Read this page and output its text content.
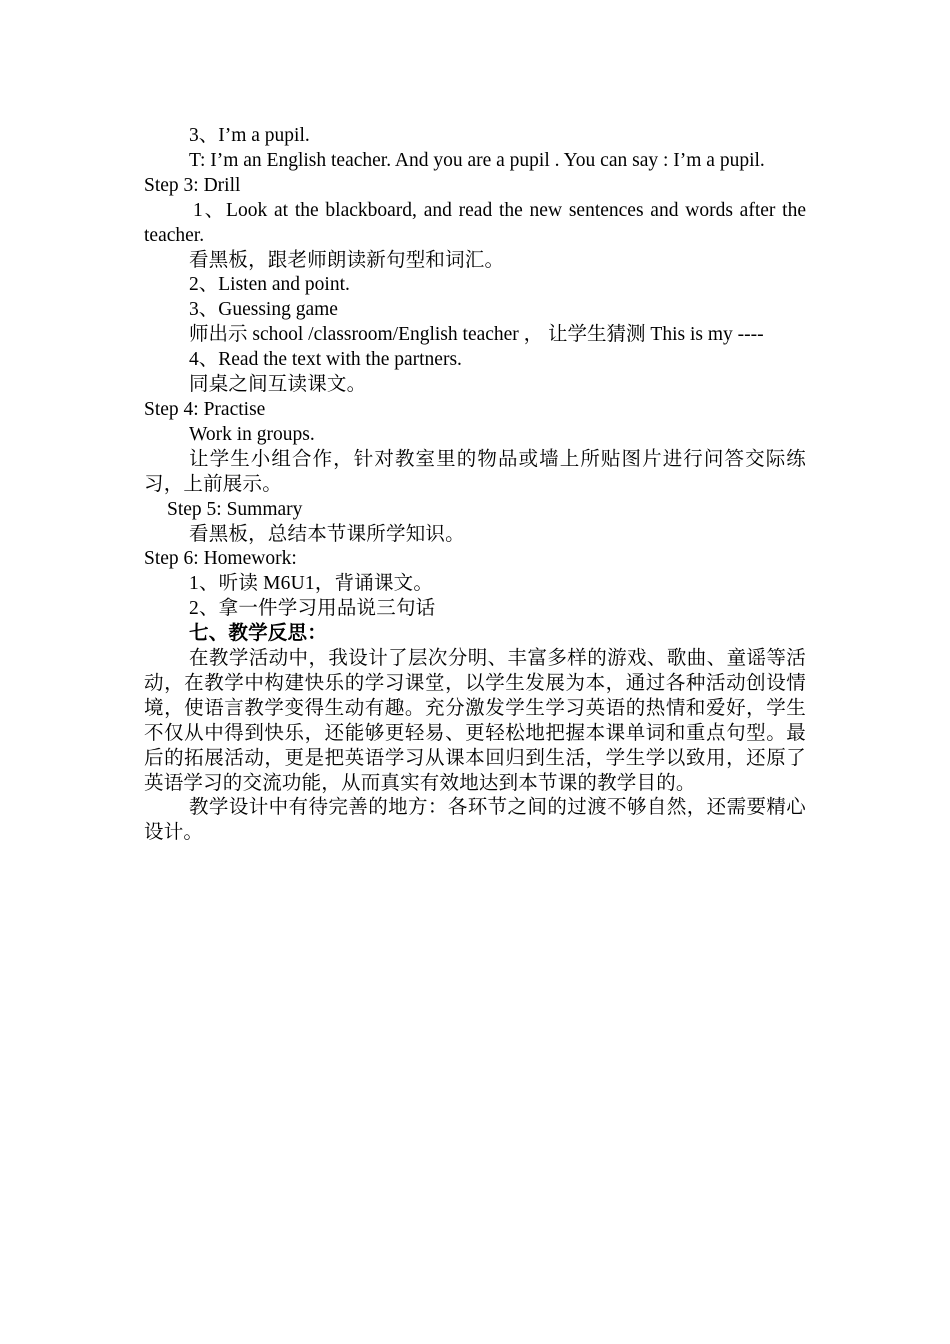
3、I’m a pupil.

T: I’m an English teacher. And you are a pupil . You can say : I’m a pupil.

Step 3: Drill

1、Look at the blackboard, and read the new sentences and words after the teacher.

看黑板，跟老师朗读新句型和词汇。

2、Listen and point.

3、Guessing game

师出示 school /classroom/English teacher ， 让学生猜测 This is my ----

4、Read the text with the partners.

同桌之间互读课文。

Step 4: Practise

Work in groups.

让学生小组合作，针对教室里的物品或墙上所贴图片进行问答交际练习，上前展示。

Step 5: Summary

看黑板，总结本节课所学知识。

Step 6: Homework:

1、听读 M6U1，背诵课文。

2、拿一件学习用品说三句话

七、教学反思：

在教学活动中，我设计了层次分明、丰富多样的游戏、歌曲、童谣等活动，在教学中构建快乐的学习课堂，以学生发展为本，通过各种活动创设情境，使语言教学变得生动有趣。充分激发学生学习英语的热情和爱好，学生不仅从中得到快乐，还能够更轻易、更轻松地把握本课单词和重点句型。最后的拓展活动，更是把英语学习从课本回归到生活，学生学以致用，还原了英语学习的交流功能，从而真实有效地达到本节课的教学目的。

教学设计中有待完善的地方：各环节之间的过渡不够自然，还需要精心设计。
